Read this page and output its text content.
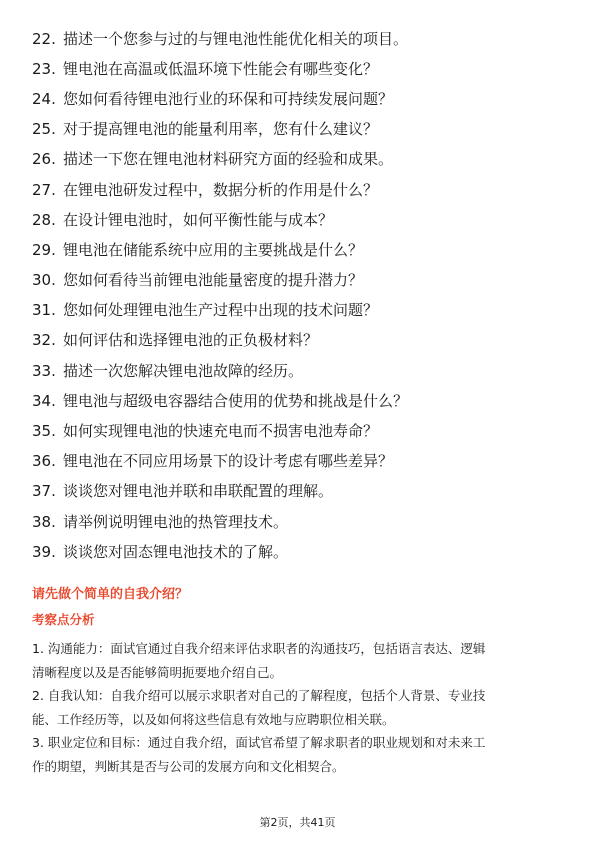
22. 描述一个您参与过的与锂电池性能优化相关的项目。
23. 锂电池在高温或低温环境下性能会有哪些变化？
24. 您如何看待锂电池行业的环保和可持续发展问题？
25. 对于提高锂电池的能量利用率，您有什么建议？
26. 描述一下您在锂电池材料研究方面的经验和成果。
27. 在锂电池研发过程中，数据分析的作用是什么？
28. 在设计锂电池时，如何平衡性能与成本？
29. 锂电池在储能系统中应用的主要挑战是什么？
30. 您如何看待当前锂电池能量密度的提升潜力？
31. 您如何处理锂电池生产过程中出现的技术问题？
32. 如何评估和选择锂电池的正负极材料？
33. 描述一次您解决锂电池故障的经历。
34. 锂电池与超级电容器结合使用的优势和挑战是什么？
35. 如何实现锂电池的快速充电而不损害电池寿命？
36. 锂电池在不同应用场景下的设计考虑有哪些差异？
37. 谈谈您对锂电池并联和串联配置的理解。
38. 请举例说明锂电池的热管理技术。
39. 谈谈您对固态锂电池技术的了解。
请先做个简单的自我介绍？
考察点分析

1. 沟通能力：面试官通过自我介绍来评估求职者的沟通技巧，包括语言表达、逻辑
清晰程度以及是否能够简明扼要地介绍自己。

2. 自我认知：自我介绍可以展示求职者对自己的了解程度，包括个人背景、专业技
能、工作经历等，以及如何将这些信息有效地与应聘职位相关联。

3. 职业定位和目标：通过自我介绍，面试官希望了解求职者的职业规划和对未来工
作的期望，判断其是否与公司的发展方向和文化相契合。

第2页，共41页
